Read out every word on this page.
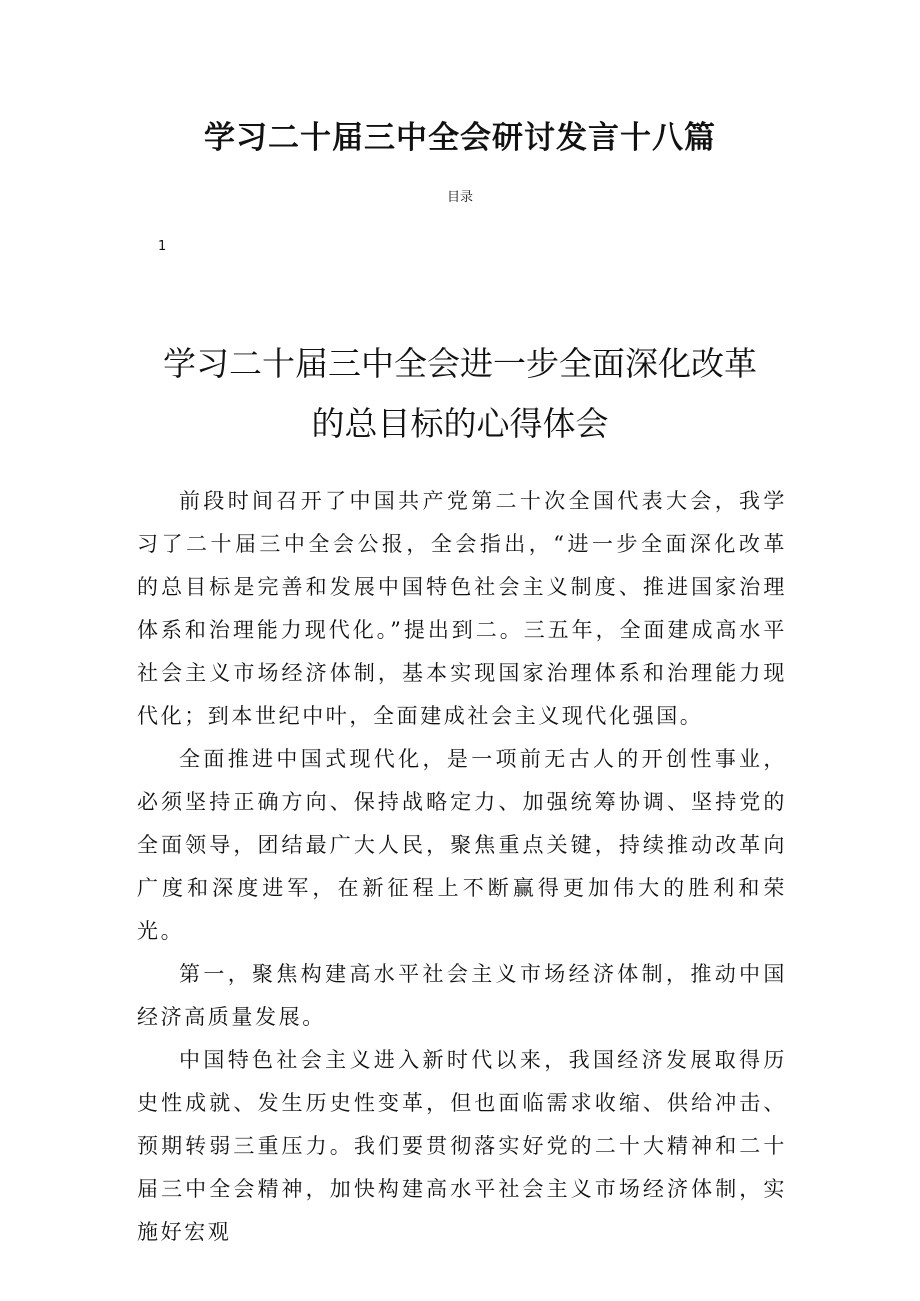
学习二十届三中全会研讨发言十八篇

目录

1
学习二十届三中全会进一步全面深化改革
的总目标的心得体会

前段时间召开了中国共产党第二十次全国代表大会，我学习了二十届三中全会公报，全会指出，“进一步全面深化改革的总目标是完善和发展中国特色社会主义制度、推进国家治理体系和治理能力现代化。”提出到二。三五年，全面建成高水平社会主义市场经济体制，基本实现国家治理体系和治理能力现代化；到本世纪中叶，全面建成社会主义现代化强国。

全面推进中国式现代化，是一项前无古人的开创性事业，必须坚持正确方向、保持战略定力、加强统筹协调、坚持党的全面领导，团结最广大人民，聚焦重点关键，持续推动改革向广度和深度进军，在新征程上不断赢得更加伟大的胜利和荣光。

第一，聚焦构建高水平社会主义市场经济体制，推动中国经济高质量发展。

中国特色社会主义进入新时代以来，我国经济发展取得历史性成就、发生历史性变革，但也面临需求收缩、供给冲击、预期转弱三重压力。我们要贯彻落实好党的二十大精神和二十届三中全会精神，加快构建高水平社会主义市场经济体制，实施好宏观
